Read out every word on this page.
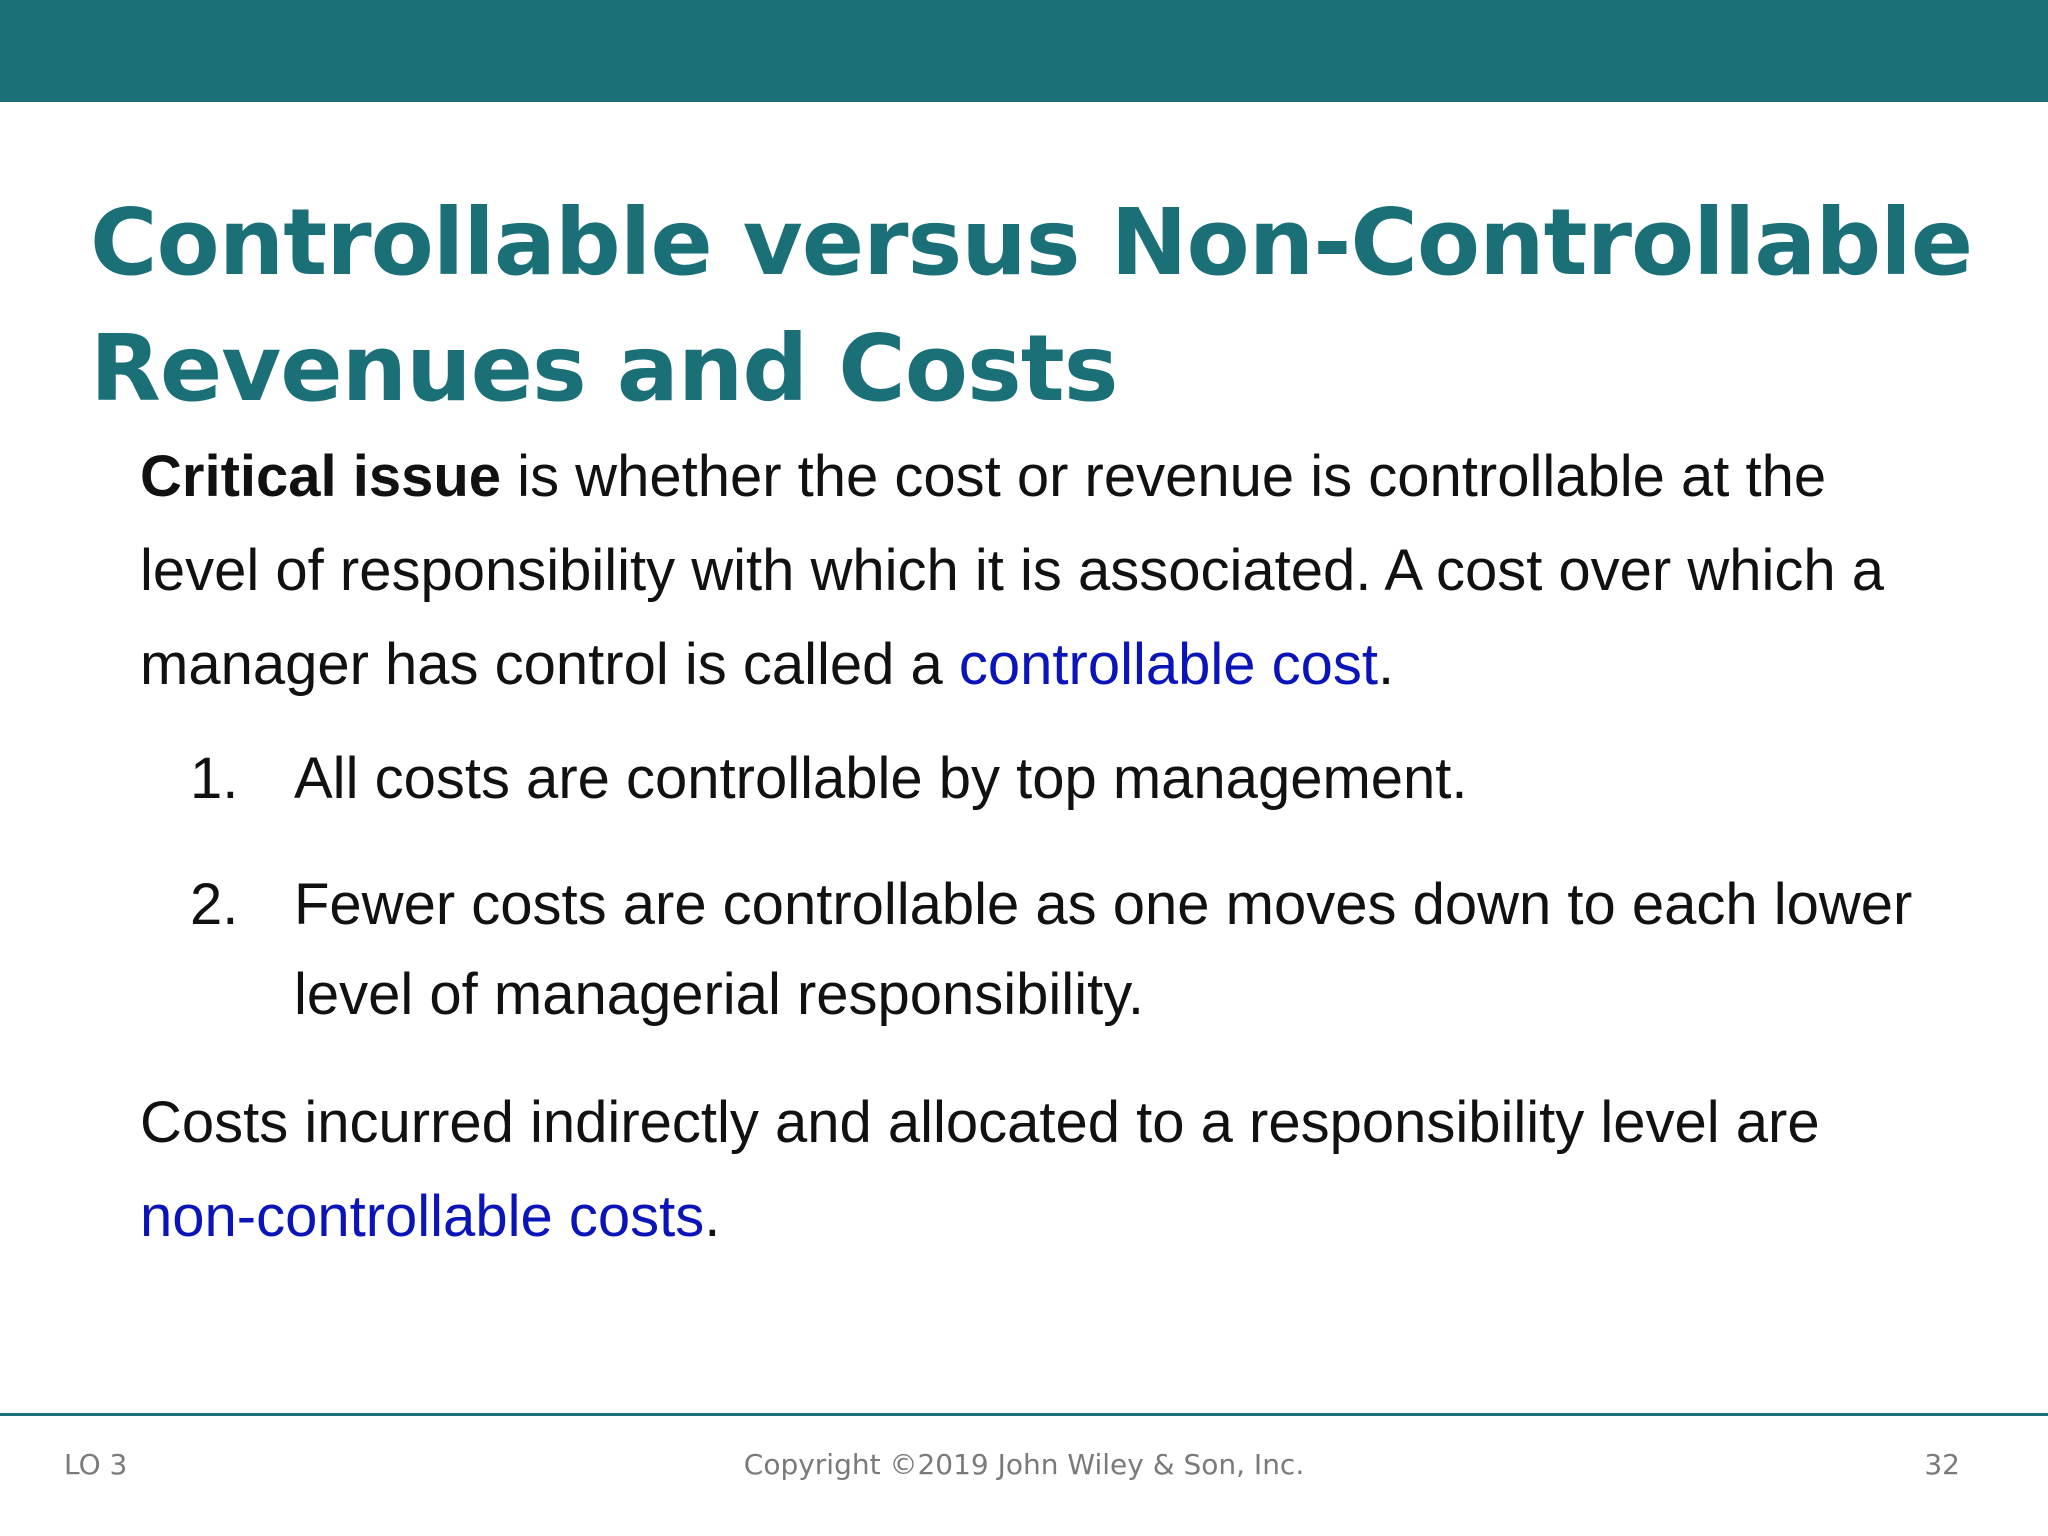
Controllable versus Non-Controllable
Revenues and Costs

Critical issue is whether the cost or revenue is controllable at the level of responsibility with which it is associated. A cost over which a manager has control is called a controllable cost.

1. All costs are controllable by top management.
2. Fewer costs are controllable as one moves down to each lower level of managerial responsibility.

Costs incurred indirectly and allocated to a responsibility level are non-controllable costs.

LO 3	Copyright ©2019 John Wiley & Son, Inc.	32
